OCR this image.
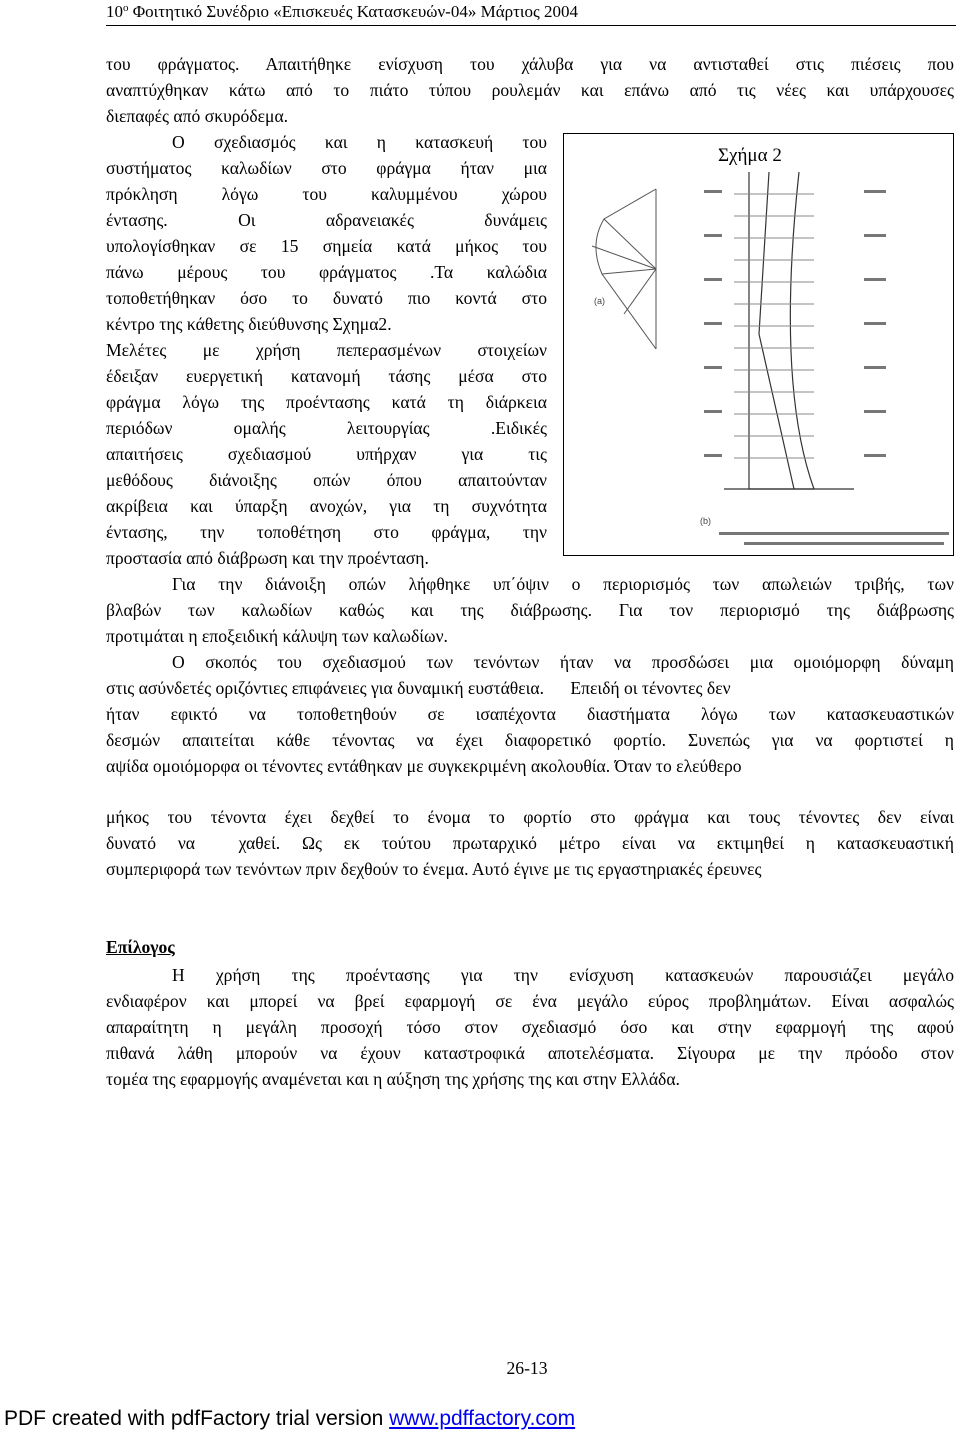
$10^o$ Φοιτητικό Συνέδριο «Επισκευές Κατασκευών-04» Μάρτιος 2004
του φράγματος. Απαιτήθηκε ενίσχυση του χάλυβα για να αντισταθεί στις πιέσεις που
αναπτύχθηκαν κάτω από το πιάτο τύπου ρουλεμάν και επάνω από τις νέες και υπάρχουσες
διεπαφές από σκυρόδεμα.
Ο σχεδιασμός και η κατασκευή του
συστήματος καλωδίων στο φράγμα ήταν μια
πρόκληση λόγω του καλυμμένου χώρου
έντασης. Οι αδρανειακές δυνάμεις
υπολογίσθηκαν σε 15 σημεία κατά μήκος του
πάνω μέρους του φράγματος .Τα καλώδια
τοποθετήθηκαν όσο το δυνατό πιο κοντά στο
κέντρο της κάθετης διεύθυνσης Σχημα2.
Μελέτες με χρήση πεπερασμένων στοιχείων
έδειξαν ευεργετική κατανομή τάσης μέσα στο
φράγμα λόγω της προέντασης κατά τη διάρκεια
περιόδων ομαλής λειτουργίας .Ειδικές
απαιτήσεις σχεδιασμού υπήρχαν για τις
μεθόδους διάνοιξης οπών όπου απαιτούνταν
ακρίβεια και ύπαρξη ανοχών, για τη συχνότητα
έντασης, την τοποθέτηση στο φράγμα, την
προστασία από διάβρωση και την προένταση.
Για την διάνοιξη οπών λήφθηκε υπ΄όψιν ο περιορισμός των απωλειών τριβής, των
βλαβών των καλωδίων καθώς και της διάβρωσης. Για τον περιορισμό της διάβρωσης
προτιμάται η εποξειδική κάλυψη των καλωδίων.
Ο σκοπός του σχεδιασμού των τενόντων ήταν να προσδώσει μια ομοιόμορφη δύναμη
στις ασύνδετές οριζόντιες επιφάνειες για δυναμική ευστάθεια.      Επειδή οι τένοντες δεν
ήταν εφικτό να τοποθετηθούν σε ισαπέχοντα διαστήματα λόγω των κατασκευαστικών
δεσμών απαιτείται κάθε τένοντας να έχει διαφορετικό φορτίο. Συνεπώς για να φορτιστεί η
αψίδα ομοιόμορφα οι τένοντες εντάθηκαν με συγκεκριμένη ακολουθία. Όταν το ελεύθερο
μήκος του τένοντα έχει δεχθεί το ένομα το φορτίο στο φράγμα και τους τένοντες δεν είναι
δυνατό να  χαθεί. Ως εκ τούτου πρωταρχικό μέτρο είναι να εκτιμηθεί η κατασκευαστική
συμπεριφορά των τενόντων πριν δεχθούν το ένεμα. Αυτό έγινε με τις εργαστηριακές έρευνες
Επίλογος
Η χρήση της προέντασης για την ενίσχυση κατασκευών παρουσιάζει μεγάλο
ενδιαφέρον και μπορεί να βρεί εφαρμογή σε ένα μεγάλο εύρος προβλημάτων. Είναι ασφαλώς
απαραίτητη η μεγάλη προσοχή τόσο στον σχεδιασμό όσο και στην εφαρμογή της αφού
πιθανά λάθη μπορούν να έχουν καταστροφικά αποτελέσματα. Σίγουρα με την πρόοδο στον
τομέα της εφαρμογής αναμένεται και η αύξηση της χρήσης της και στην Ελλάδα.
(a)
(b)
Σχήμα 2
26-13
PDF created with pdfFactory trial version www.pdffactory.com
